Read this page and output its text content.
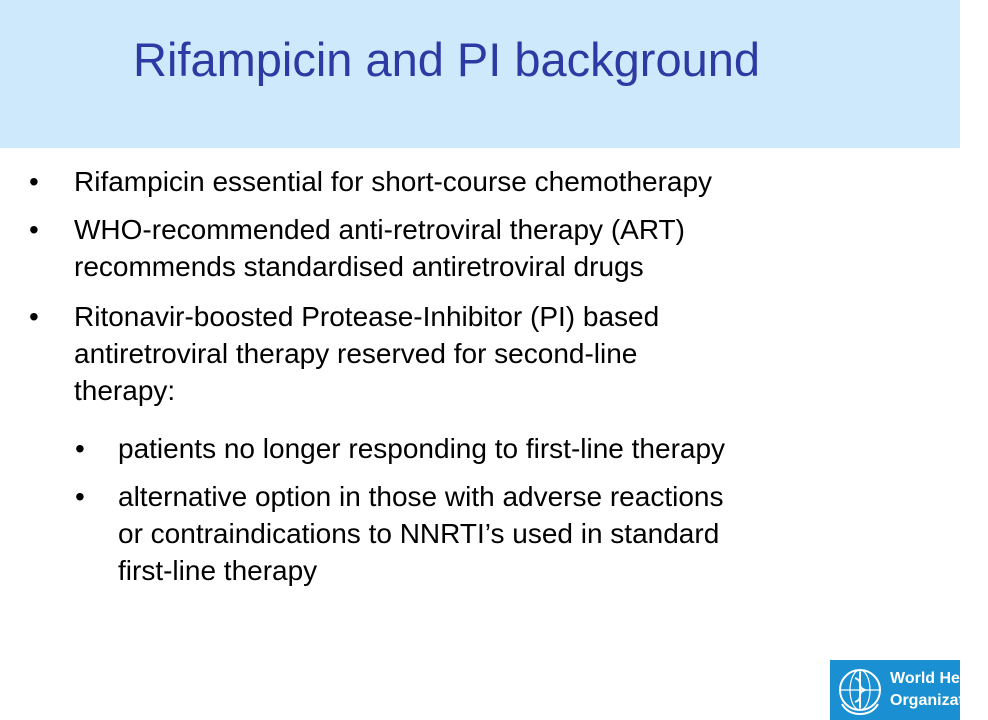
Rifampicin and PI background
• Rifampicin essential for short-course chemotherapy
• WHO-recommended anti-retroviral therapy (ART)
recommends standardised antiretroviral drugs
• Ritonavir-boosted Protease-Inhibitor (PI) based
antiretroviral therapy reserved for second-line
therapy:
• patients no longer responding to first-line therapy
• alternative option in those with adverse reactions
or contraindications to NNRTI’s used in standard
first-line therapy
World Health
Organization
